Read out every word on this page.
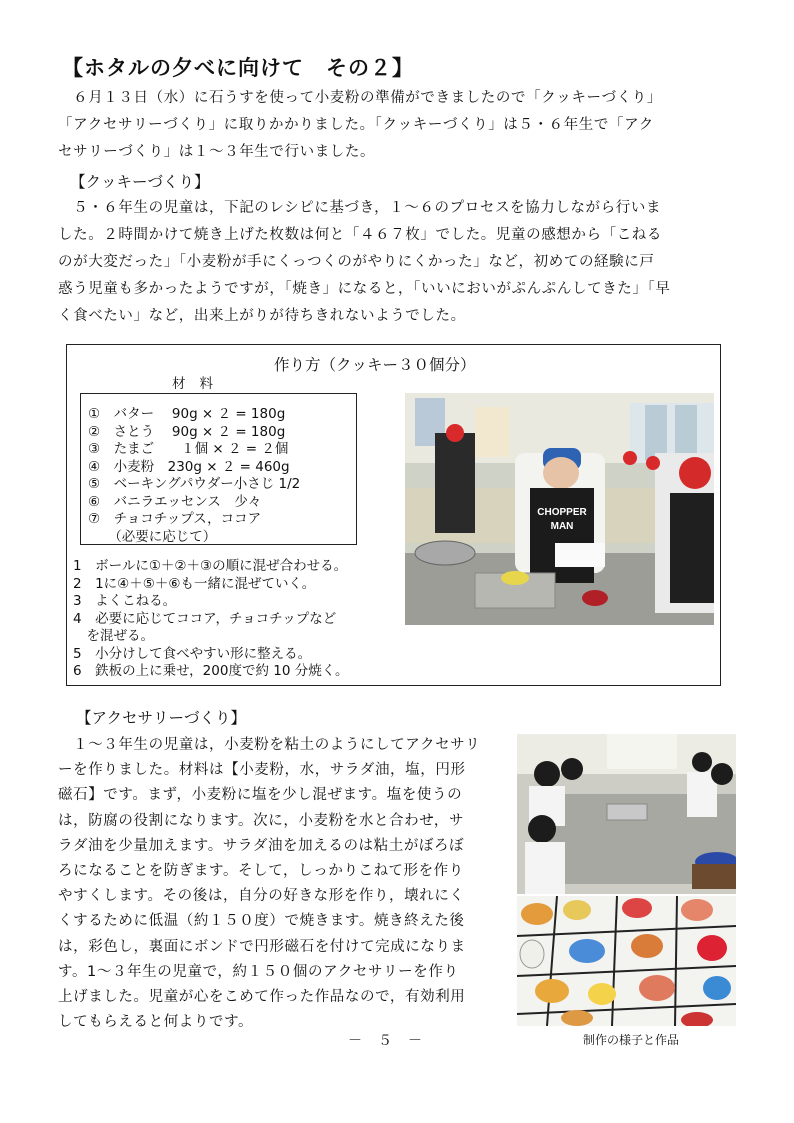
【ホタルの夕べに向けて　その２】
　６月１３日（水）に石うすを使って小麦粉の準備ができましたので「クッキーづくり」
「アクセサリーづくり」に取りかかりました。「クッキーづくり」は５・６年生で「アク
セサリーづくり」は１～３年生で行いました。
【クッキーづくり】
　５・６年生の児童は，下記のレシピに基づき，１～６のプロセスを協力しながら行いま
した。２時間かけて焼き上げた枚数は何と「４６７枚」でした。児童の感想から「こねる
のが大変だった」「小麦粉が手にくっつくのがやりにくかった」など，初めての経験に戸
惑う児童も多かったようですが，「焼き」になると，「いいにおいがぷんぷんしてきた」「早
く食べたい」など，出来上がりが待ちきれないようでした。
作り方（クッキー３０個分）
材料
①　バター　 90g × ２ = 180g
②　さとう　 90g × ２ = 180g
③　たまご　　１個 × ２ = ２個
④　小麦粉　230g × ２ = 460g
⑤　ベーキングパウダー小さじ 1/2
⑥　バニラエッセンス　少々
⑦　チョコチップス，ココア
　　（必要に応じて）
1　ボールに①＋②＋③の順に混ぜ合わせる。
2　1に④＋⑤＋⑥も一緒に混ぜていく。
3　よくこねる。
4　必要に応じてココア，チョコチップなど
　を混ぜる。
5　小分けして食べやすい形に整える。
6　鉄板の上に乗せ，200度で約 10 分焼く。
CHOPPER
MAN
【アクセサリーづくり】
　１～３年生の児童は，小麦粉を粘土のようにしてアクセサリ
ーを作りました。材料は【小麦粉，水，サラダ油，塩，円形
磁石】です。まず，小麦粉に塩を少し混ぜます。塩を使うの
は，防腐の役割になります。次に，小麦粉を水と合わせ，サ
ラダ油を少量加えます。サラダ油を加えるのは粘土がぼろぼ
ろになることを防ぎます。そして，しっかりこねて形を作り
やすくします。その後は，自分の好きな形を作り，壊れにく
くするために低温（約１５０度）で焼きます。焼き終えた後
は，彩色し，裏面にボンドで円形磁石を付けて完成になりま
す。1～３年生の児童で，約１５０個のアクセサリーを作り
上げました。児童が心をこめて作った作品なので，有効利用
してもらえると何よりです。
制作の様子と作品
－５－
